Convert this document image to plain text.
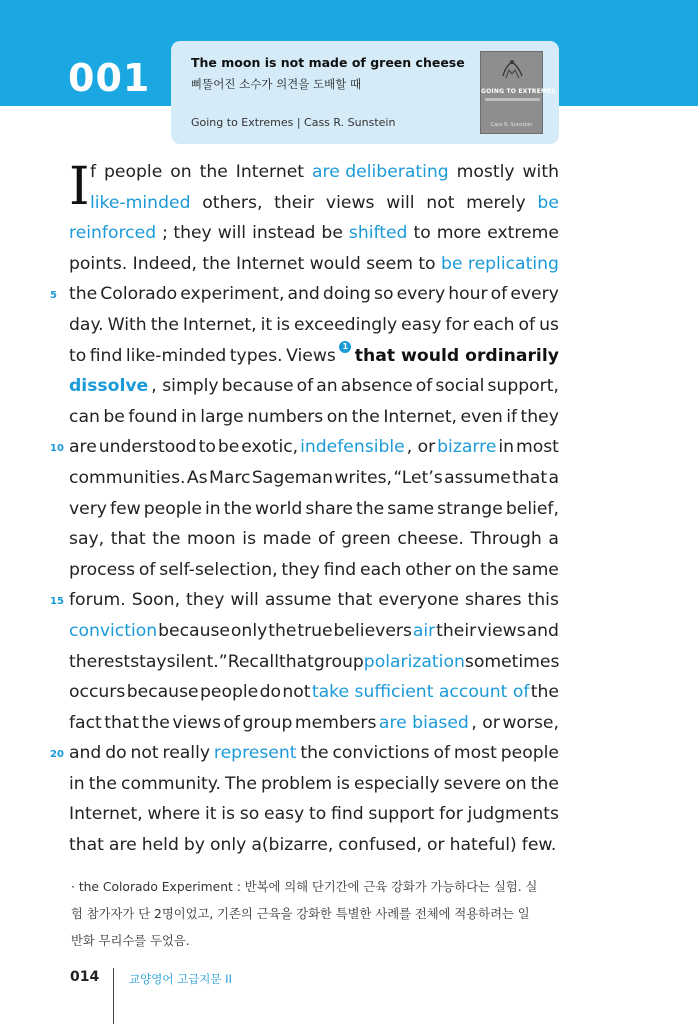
001	The moon is not made of green cheese
삐뚤어진 소수가 의견을 도배할 때
Going to Extremes | Cass R. Sunstein
GOING TO EXTREMES
Cass R. Sunstein
5
10
15
20
I f people on the Internet are deliberating mostly with
like-minded others, their views will not merely be
reinforced ; they will instead be shifted to more extreme
points. Indeed, the Internet would seem to be replicating
the Colorado experiment, and doing so every hour of every
day. With the Internet, it is exceedingly easy for each of us
to find like-minded types. Views 1 that would ordinarily
dissolve , simply because of an absence of social support,
can be found in large numbers on the Internet, even if they
are understood to be exotic, indefensible , or bizarre in most
communities. As Marc Sageman writes, “Let’s assume that a
very few people in the world share the same strange belief,
say, that the moon is made of green cheese. Through a
process of self-selection, they find each other on the same
forum. Soon, they will assume that everyone shares this
conviction because only the true believers air their views and
the rest stay silent.” Recall that group polarization sometimes
occurs because people do not take sufficient account of the
fact that the views of group members are biased , or worse,
and do not really represent the convictions of most people
in the community. The problem is especially severe on the
Internet, where it is so easy to find support for judgments
that are held by only a(bizarre, confused, or hateful) few.

· the Colorado Experiment : 반복에 의해 단기간에 근육 강화가 가능하다는 실험. 실

험 참가자가 단 2명이었고, 기존의 근육을 강화한 특별한 사례를 전체에 적용하려는 일

반화 무리수를 두었음.

014	교양영어 고급지문 II
